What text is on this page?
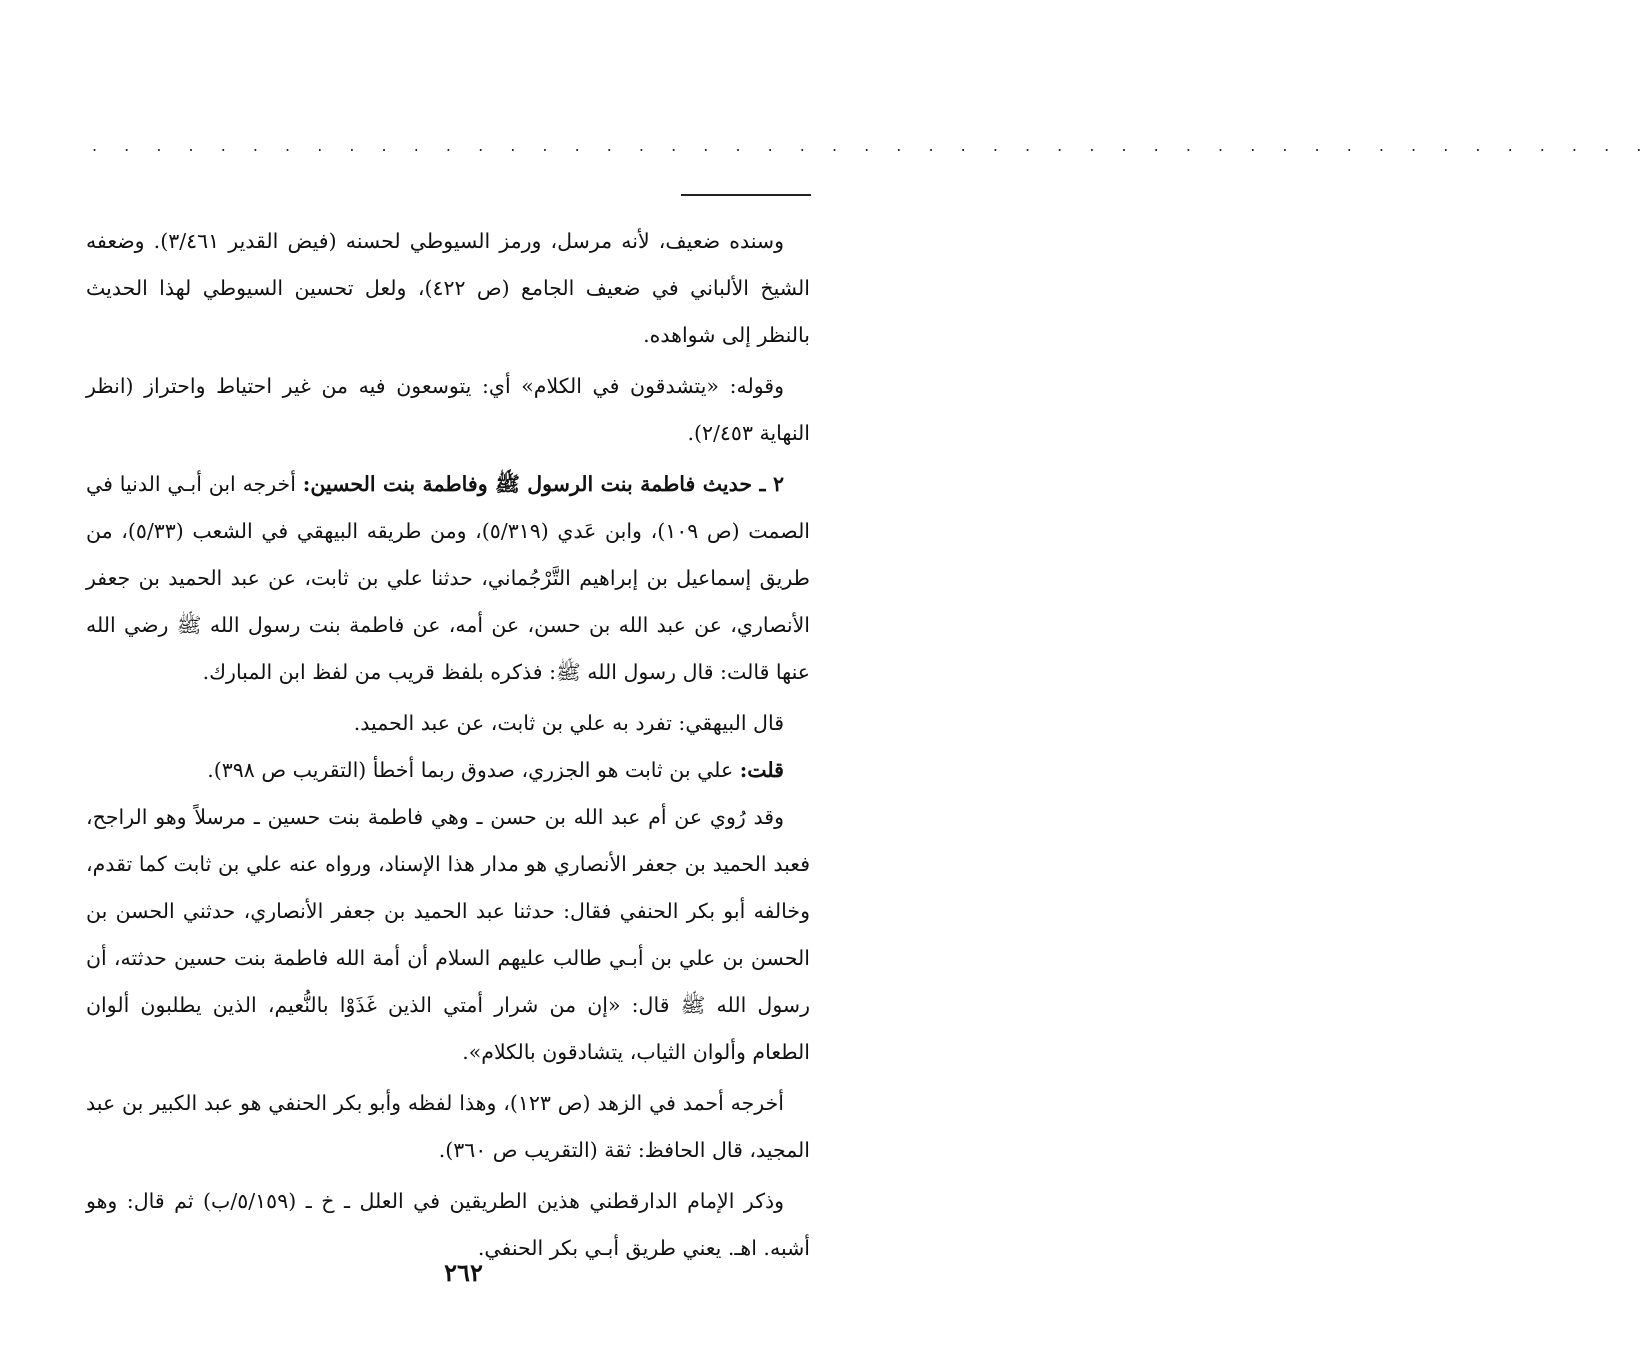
. . . . . . . . . . . . . . . . . . . . . . . . . . . . . . . . . . . . . . . . . . . . . . . . .

وسنده ضعيف، لأنه مرسل، ورمز السيوطي لحسنه (فيض القدير ٣/٤٦١). وضعفه الشيخ الألباني في ضعيف الجامع (ص ٤٢٢)، ولعل تحسين السيوطي لهذا الحديث بالنظر إلى شواهده.

وقوله: «يتشدقون في الكلام» أي: يتوسعون فيه من غير احتياط واحتراز (انظر النهاية ٢/٤٥٣).

٢ ـ حديث فاطمة بنت الرسول ﷺ وفاطمة بنت الحسين: أخرجه ابن أبـي الدنيا في الصمت (ص ١٠٩)، وابن عَدي (٥/٣١٩)، ومن طريقه البيهقي في الشعب (٥/٣٣)، من طريق إسماعيل بن إبراهيم التَّرْجُماني، حدثنا علي بن ثابت، عن عبد الحميد بن جعفر الأنصاري، عن عبد الله بن حسن، عن أمه، عن فاطمة بنت رسول الله ﷺ رضي الله عنها قالت: قال رسول الله ﷺ: فذكره بلفظ قريب من لفظ ابن المبارك.

قال البيهقي: تفرد به علي بن ثابت، عن عبد الحميد.

قلت: علي بن ثابت هو الجزري، صدوق ربما أخطأ (التقريب ص ٣٩٨).

وقد رُوي عن أم عبد الله بن حسن ـ وهي فاطمة بنت حسين ـ مرسلاً وهو الراجح، فعبد الحميد بن جعفر الأنصاري هو مدار هذا الإسناد، ورواه عنه علي بن ثابت كما تقدم، وخالفه أبو بكر الحنفي فقال: حدثنا عبد الحميد بن جعفر الأنصاري، حدثني الحسن بن الحسن بن علي بن أبـي طالب عليهم السلام أن أمة الله فاطمة بنت حسين حدثته، أن رسول الله ﷺ قال: «إن من شرار أمتي الذين غَذَوْا بالنُّعيم، الذين يطلبون ألوان الطعام وألوان الثياب، يتشادقون بالكلام».

أخرجه أحمد في الزهد (ص ١٢٣)، وهذا لفظه وأبو بكر الحنفي هو عبد الكبير بن عبد المجيد، قال الحافظ: ثقة (التقريب ص ٣٦٠).

وذكر الإمام الدارقطني هذين الطريقين في العلل ـ خ ـ (٥/١٥٩/ب) ثم قال: وهو أشبه. اهـ. يعني طريق أبـي بكر الحنفي.

٢٦٢
